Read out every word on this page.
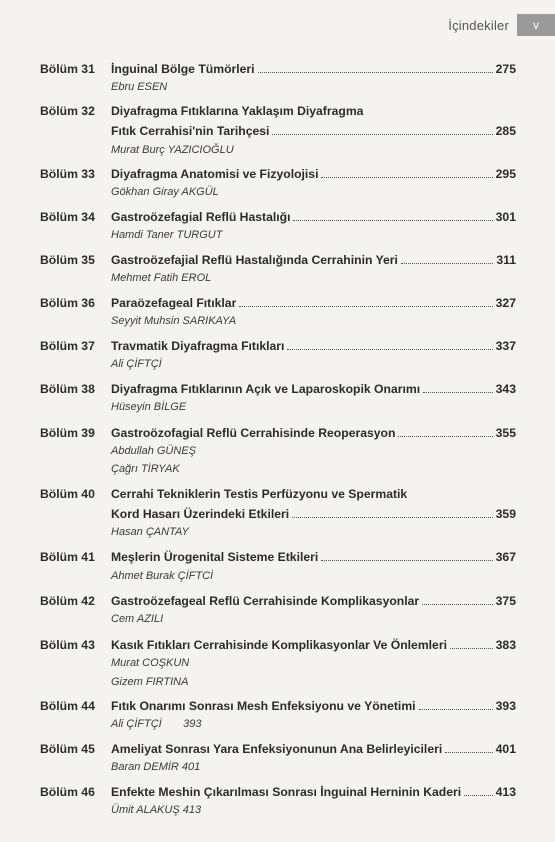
İçindekiler	v
Bölüm 31	İnguinal Bölge Tümörleri	275
Ebru ESEN
Bölüm 32	Diyafragma Fıtıklarına Yaklaşım Diyafragma
Fıtık Cerrahisi'nin Tarihçesi	285
Murat Burç YAZICIOĞLU
Bölüm 33	Diyafragma Anatomisi ve Fizyolojisi	295
Gökhan Giray AKGÜL
Bölüm 34	Gastroözefagial Reflü Hastalığı	301
Hamdi Taner TURGUT
Bölüm 35	Gastroözefajial Reflü Hastalığında Cerrahinin Yeri	311
Mehmet Fatih EROL
Bölüm 36	Paraözefageal Fıtıklar	327
Seyyit Muhsin SARIKAYA
Bölüm 37	Travmatik Diyafragma Fıtıkları	337
Ali ÇİFTÇİ
Bölüm 38	Diyafragma Fıtıklarının Açık ve Laparoskopik Onarımı	343
Hüseyin BİLGE
Bölüm 39	Gastroözofagial Reflü Cerrahisinde Reoperasyon	355
Abdullah GÜNEŞ
Çağrı TİRYAK
Bölüm 40	Cerrahi Tekniklerin Testis Perfüzyonu ve Spermatik
Kord Hasarı Üzerindeki Etkileri	359
Hasan ÇANTAY
Bölüm 41	Meşlerin Ürogenital Sisteme Etkileri	367
Ahmet Burak ÇİFTCİ
Bölüm 42	Gastroözefageal Reflü Cerrahisinde Komplikasyonlar	375
Cem AZILI
Bölüm 43	Kasık Fıtıkları Cerrahisinde Komplikasyonlar Ve Önlemleri	383
Murat COŞKUN
Gizem FIRTINA
Bölüm 44	Fıtık Onarımı Sonrası Mesh Enfeksiyonu ve Yönetimi	393
Ali ÇİFTÇİ       393
Bölüm 45	Ameliyat Sonrası Yara Enfeksiyonunun Ana Belirleyicileri	401
Baran DEMİR 401
Bölüm 46	Enfekte Meshin Çıkarılması Sonrası İnguinal Herninin Kaderi	413
Ümit ALAKUŞ 413
